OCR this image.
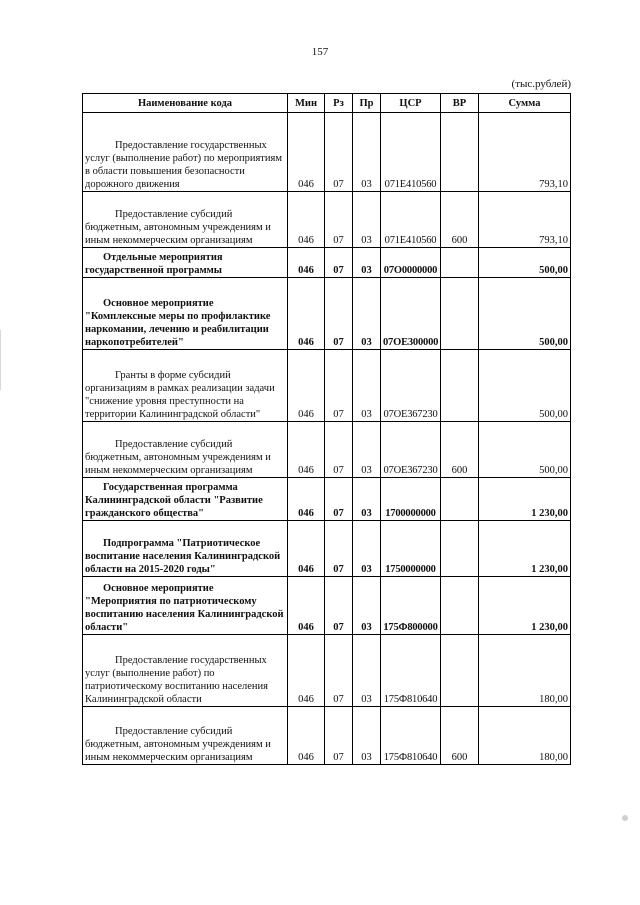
157
(тыс.рублей)
Наименование кода	Мин	Рз	Пр	ЦСР	ВР	Сумма
Предоставление государственных услуг (выполнение работ) по мероприятиям в области повышения безопасности дорожного движения	046	07	03	071E410560		793,10
Предоставление субсидий бюджетным, автономным учреждениям и иным некоммерческим организациям	046	07	03	071E410560	600	793,10
Отдельные мероприятия государственной программы	046	07	03	07O0000000		500,00
Основное мероприятие "Комплексные меры по профилактике наркомании, лечению и реабилитации наркопотребителей"	046	07	03	07OE300000		500,00
Гранты в форме субсидий организациям в рамках реализации задачи "снижение уровня преступности на территории Калининградской области"	046	07	03	07OE367230		500,00
Предоставление субсидий бюджетным, автономным учреждениям и иным некоммерческим организациям	046	07	03	07OE367230	600	500,00
Государственная программа Калининградской области "Развитие гражданского общества"	046	07	03	1700000000		1 230,00
Подпрограмма "Патриотическое воспитание населения Калининградской области на 2015-2020 годы"	046	07	03	1750000000		1 230,00
Основное мероприятие "Мероприятия по патриотическому воспитанию населения Калининградской области"	046	07	03	175Ф800000		1 230,00
Предоставление государственных услуг (выполнение работ) по патриотическому воспитанию населения Калининградской области	046	07	03	175Ф810640		180,00
Предоставление субсидий бюджетным, автономным учреждениям и иным некоммерческим организациям	046	07	03	175Ф810640	600	180,00
